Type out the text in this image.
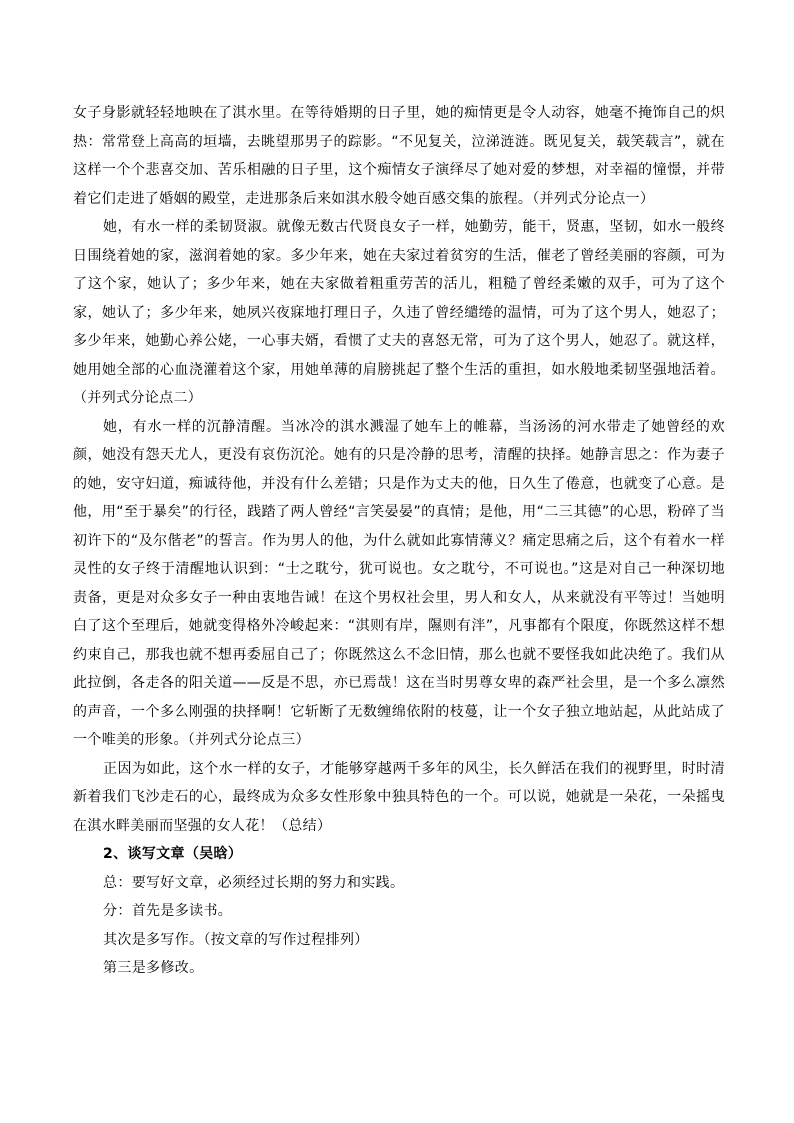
女子身影就轻轻地映在了淇水里。在等待婚期的日子里，她的痴情更是令人动容，她毫不掩饰自己的炽热：常常登上高高的垣墙，去眺望那男子的踪影。“不见复关，泣涕涟涟。既见复关，载笑载言”，就在这样一个个悲喜交加、苦乐相融的日子里，这个痴情女子演绎尽了她对爱的梦想，对幸福的憧憬，并带着它们走进了婚姻的殿堂，走进那条后来如淇水般令她百感交集的旅程。（并列式分论点一）

她，有水一样的柔韧贤淑。就像无数古代贤良女子一样，她勤劳，能干，贤惠，坚韧，如水一般终日围绕着她的家，滋润着她的家。多少年来，她在夫家过着贫穷的生活，催老了曾经美丽的容颜，可为了这个家，她认了；多少年来，她在夫家做着粗重劳苦的活儿，粗糙了曾经柔嫩的双手，可为了这个家，她认了；多少年来，她夙兴夜寐地打理日子，久违了曾经缱绻的温情，可为了这个男人，她忍了；多少年来，她勤心养公姥，一心事夫婿，看惯了丈夫的喜怒无常，可为了这个男人，她忍了。就这样，她用她全部的心血浇灌着这个家，用她单薄的肩膀挑起了整个生活的重担，如水般地柔韧坚强地活着。（并列式分论点二）

她，有水一样的沉静清醒。当冰冷的淇水溅湿了她车上的帷幕，当汤汤的河水带走了她曾经的欢颜，她没有怨天尤人，更没有哀伤沉沦。她有的只是冷静的思考，清醒的抉择。她静言思之：作为妻子的她，安守妇道，痴诚待他，并没有什么差错；只是作为丈夫的他，日久生了倦意，也就变了心意。是他，用“至于暴矣”的行径，践踏了两人曾经“言笑晏晏”的真情；是他，用“二三其德”的心思，粉碎了当初许下的“及尔偕老”的誓言。作为男人的他，为什么就如此寡情薄义？痛定思痛之后，这个有着水一样灵性的女子终于清醒地认识到：“士之耽兮，犹可说也。女之耽兮，不可说也。”这是对自己一种深切地责备，更是对众多女子一种由衷地告诫！在这个男权社会里，男人和女人，从来就没有平等过！当她明白了这个至理后，她就变得格外冷峻起来：“淇则有岸，隰则有泮”，凡事都有个限度，你既然这样不想约束自己，那我也就不想再委屈自己了；你既然这么不念旧情，那么也就不要怪我如此决绝了。我们从此拉倒，各走各的阳关道——反是不思，亦已焉哉！这在当时男尊女卑的森严社会里，是一个多么凛然的声音，一个多么刚强的抉择啊！它斩断了无数缠绵依附的枝蔓，让一个女子独立地站起，从此站成了一个唯美的形象。（并列式分论点三）

正因为如此，这个水一样的女子，才能够穿越两千多年的风尘，长久鲜活在我们的视野里，时时清新着我们飞沙走石的心，最终成为众多女性形象中独具特色的一个。可以说，她就是一朵花，一朵摇曳在淇水畔美丽而坚强的女人花！（总结）

2、谈写文章（吴晗）

总：要写好文章，必须经过长期的努力和实践。

分：首先是多读书。

其次是多写作。（按文章的写作过程排列）

第三是多修改。
